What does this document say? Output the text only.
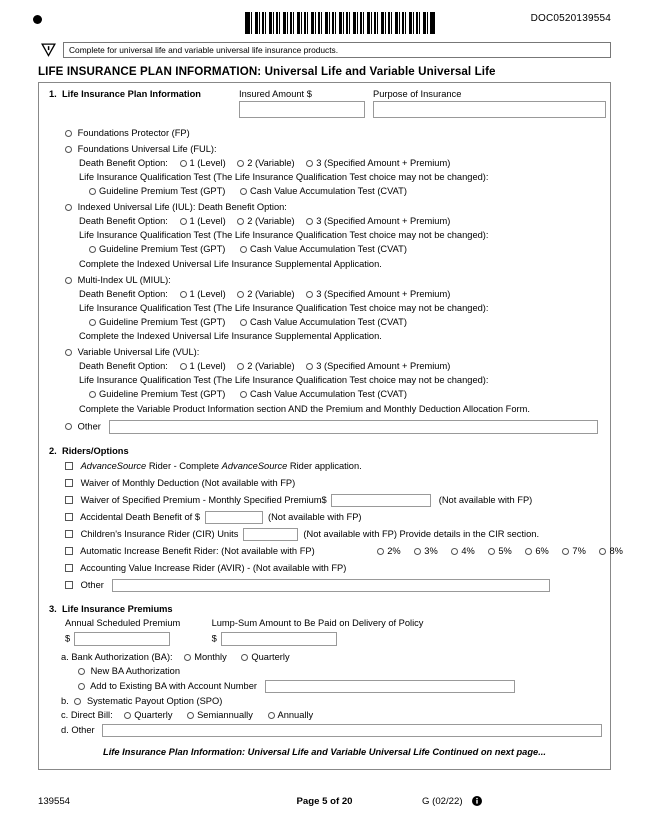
DOC0520139554
Complete for universal life and variable universal life insurance products.
LIFE INSURANCE PLAN INFORMATION: Universal Life and Variable Universal Life
1. Life Insurance Plan Information	Insured Amount $	Purpose of Insurance
Foundations Protector (FP)
Foundations Universal Life (FUL):
Death Benefit Option: 1 (Level) 2 (Variable) 3 (Specified Amount + Premium)
Life Insurance Qualification Test (The Life Insurance Qualification Test choice may not be changed):
Guideline Premium Test (GPT)	Cash Value Accumulation Test (CVAT)
Indexed Universal Life (IUL): Death Benefit Option:
Death Benefit Option: 1 (Level) 2 (Variable) 3 (Specified Amount + Premium)
Life Insurance Qualification Test (The Life Insurance Qualification Test choice may not be changed):
Guideline Premium Test (GPT)	Cash Value Accumulation Test (CVAT)
Complete the Indexed Universal Life Insurance Supplemental Application.
Multi-Index UL (MIUL):
Death Benefit Option: 1 (Level) 2 (Variable) 3 (Specified Amount + Premium)
Life Insurance Qualification Test (The Life Insurance Qualification Test choice may not be changed):
Guideline Premium Test (GPT)	Cash Value Accumulation Test (CVAT)
Complete the Indexed Universal Life Insurance Supplemental Application.
Variable Universal Life (VUL):
Death Benefit Option: 1 (Level) 2 (Variable) 3 (Specified Amount + Premium)
Life Insurance Qualification Test (The Life Insurance Qualification Test choice may not be changed):
Guideline Premium Test (GPT)	Cash Value Accumulation Test (CVAT)
Complete the Variable Product Information section AND the Premium and Monthly Deduction Allocation Form.
Other
2. Riders/Options
AdvanceSource Rider - Complete AdvanceSource Rider application.
Waiver of Monthly Deduction (Not available with FP)
Waiver of Specified Premium - Monthly Specified Premium$	(Not available with FP)
Accidental Death Benefit of $	(Not available with FP)
Children's Insurance Rider (CIR) Units	(Not available with FP) Provide details in the CIR section.
Automatic Increase Benefit Rider: (Not available with FP)	2%	3%	4%	5%	6%	7%	8%
Accounting Value Increase Rider (AVIR) - (Not available with FP)
Other
3. Life Insurance Premiums
Annual Scheduled Premium	Lump-Sum Amount to Be Paid on Delivery of Policy
$	$
a. Bank Authorization (BA): Monthly	Quarterly
New BA Authorization
Add to Existing BA with Account Number
b. Systematic Payout Option (SPO)
c. Direct Bill: Quarterly	Semiannually	Annually
d. Other
Life Insurance Plan Information: Universal Life and Variable Universal Life Continued on next page...
139554	Page 5 of 20	G (02/22)
